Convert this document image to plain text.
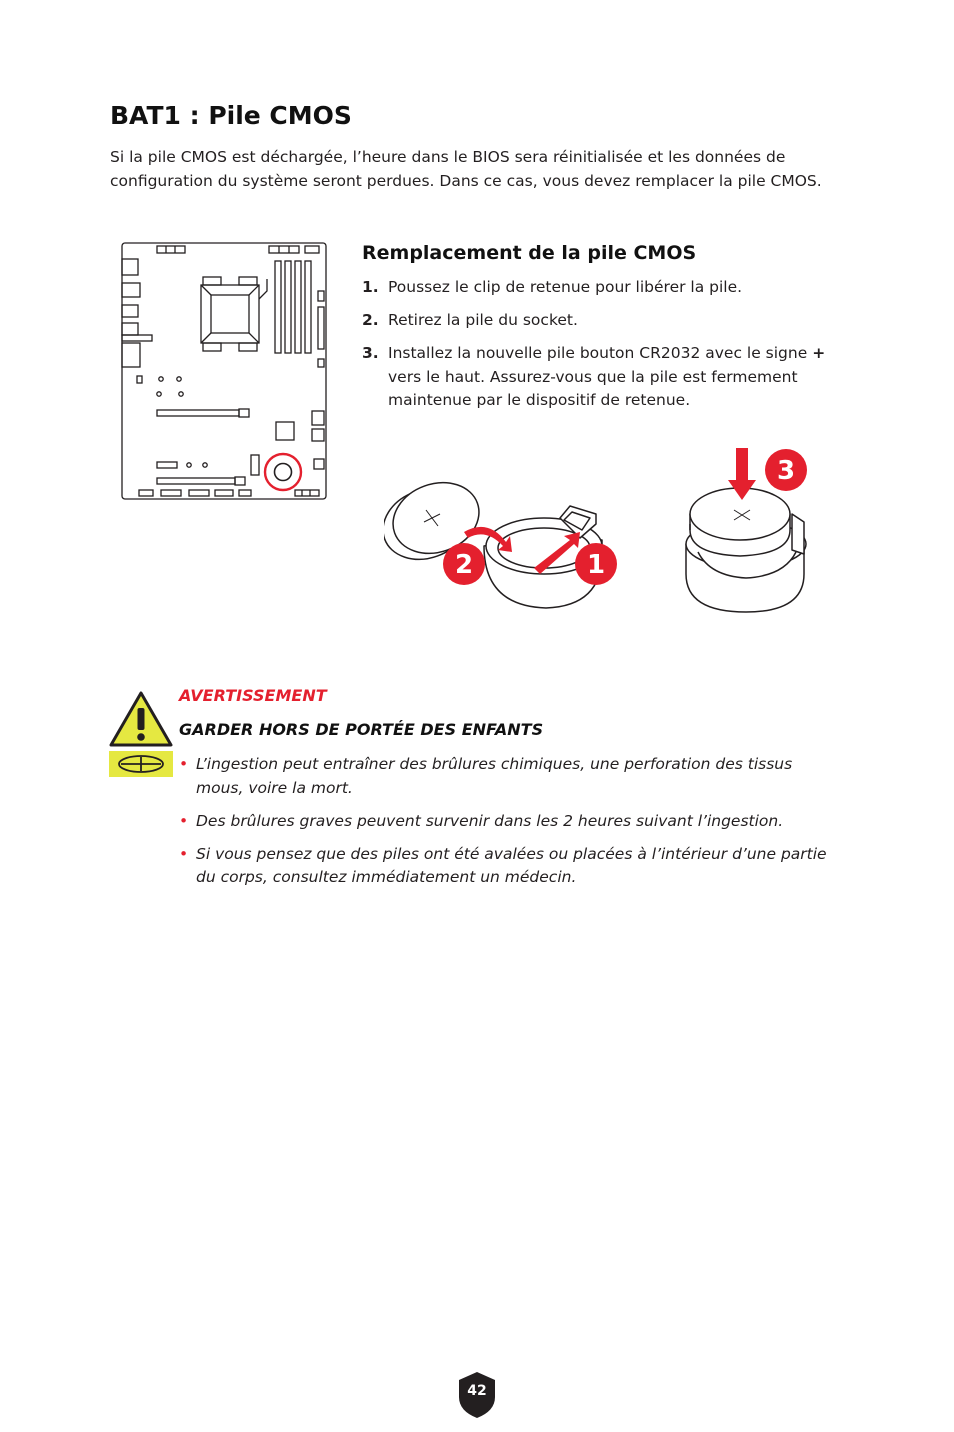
BAT1 : Pile CMOS

Si la pile CMOS est déchargée, l’heure dans le BIOS sera réinitialisée et les données de configuration du système seront perdues. Dans ce cas, vous devez remplacer la pile CMOS.

Remplacement de la pile CMOS
1. Poussez le clip de retenue pour libérer la pile.
2. Retirez la pile du socket.
3. Installez la nouvelle pile bouton CR2032 avec le signe + vers le haut. Assurez-vous que la pile est fermement maintenue par le dispositif de retenue.
2	1
3

AVERTISSEMENT

GARDER HORS DE PORTÉE DES ENFANTS

• L’ingestion peut entraîner des brûlures chimiques, une perforation des tissus mous, voire la mort.
• Des brûlures graves peuvent survenir dans les 2 heures suivant l’ingestion.
• Si vous pensez que des piles ont été avalées ou placées à l’intérieur d’une partie du corps, consultez immédiatement un médecin.
42
